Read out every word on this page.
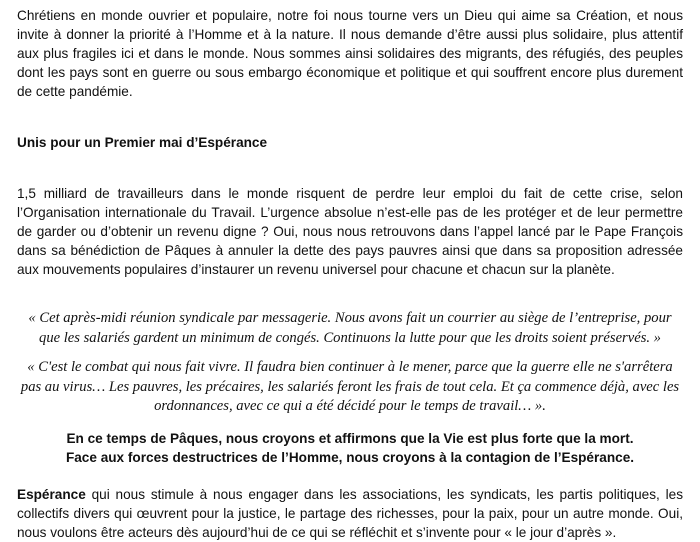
Chrétiens en monde ouvrier et populaire, notre foi nous tourne vers un Dieu qui aime sa Création, et nous invite à donner la priorité à l’Homme et à la nature. Il nous demande d’être aussi plus solidaire, plus attentif aux plus fragiles ici et dans le monde. Nous sommes ainsi solidaires des migrants, des réfugiés, des peuples dont les pays sont en guerre ou sous embargo économique et politique et qui souffrent encore plus durement de cette pandémie.

Unis pour un Premier mai d’Espérance

1,5 milliard de travailleurs dans le monde risquent de perdre leur emploi du fait de cette crise, selon l’Organisation internationale du Travail. L’urgence absolue n’est-elle pas de les protéger et de leur permettre de garder ou d’obtenir un revenu digne ? Oui, nous nous retrouvons dans l’appel lancé par le Pape François dans sa bénédiction de Pâques à annuler la dette des pays pauvres ainsi que dans sa proposition adressée aux mouvements populaires d’instaurer un revenu universel pour chacune et chacun sur la planète.

« Cet après-midi réunion syndicale par messagerie. Nous avons fait un courrier au siège de l’entreprise, pour que les salariés gardent un minimum de congés. Continuons la lutte pour que les droits soient préservés. »

« C'est le combat qui nous fait vivre. Il faudra bien continuer à le mener, parce que la guerre elle ne s'arrêtera pas au virus… Les pauvres, les précaires, les salariés feront les frais de tout cela. Et ça commence déjà, avec les ordonnances, avec ce qui a été décidé pour le temps de travail… ».

En ce temps de Pâques, nous croyons et affirmons que la Vie est plus forte que la mort.
Face aux forces destructrices de l’Homme, nous croyons à la contagion de l’Espérance.

Espérance qui nous stimule à nous engager dans les associations, les syndicats, les partis politiques, les collectifs divers qui œuvrent pour la justice, le partage des richesses, pour la paix, pour un autre monde. Oui, nous voulons être acteurs dès aujourd’hui de ce qui se réfléchit et s’invente pour « le jour d’après ».
